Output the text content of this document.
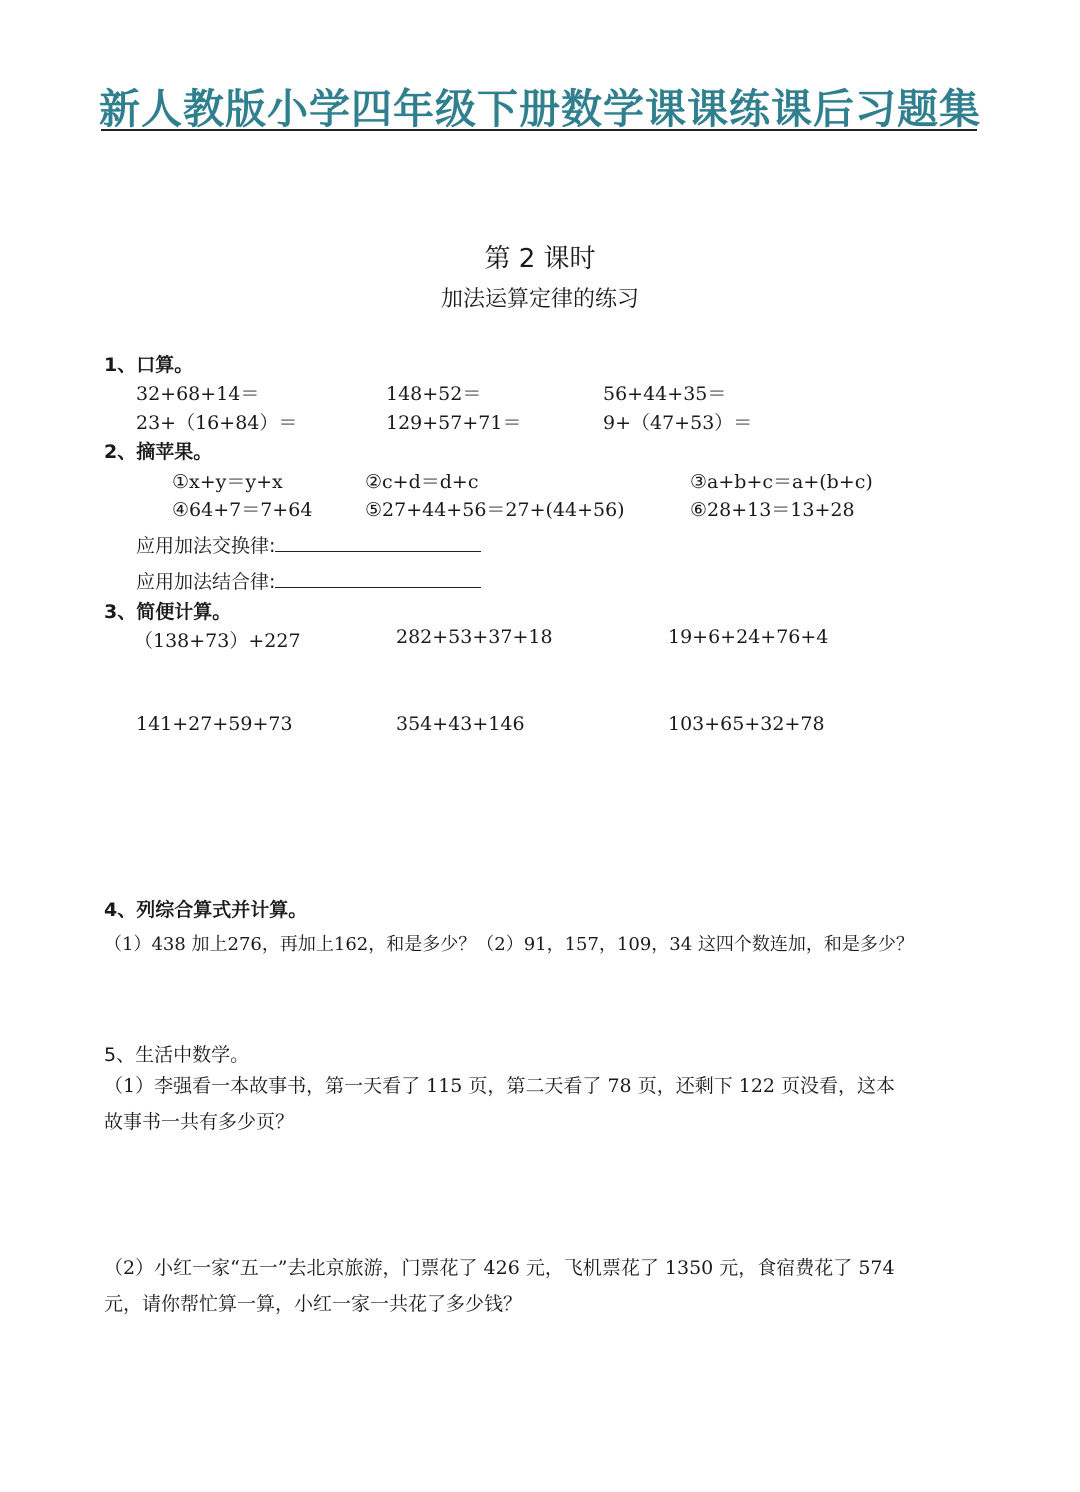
新人教版小学四年级下册数学课课练课后习题集
第 2 课时
加法运算定律的练习
1、口算。
32+68+14＝	148+52＝	56+44+35＝
23+（16+84）＝	129+57+71＝	9+（47+53）＝
2、摘苹果。
①x+y＝y+x	②c+d＝d+c	③a+b+c＝a+(b+c)
④64+7＝7+64	⑤27+44+56＝27+(44+56)	⑥28+13＝13+28
应用加法交换律:
应用加法结合律:
3、简便计算。
（138+73）+227	282+53+37+18	19+6+24+76+4
141+27+59+73	354+43+146	103+65+32+78
4、列综合算式并计算。
（1）438 加上276，再加上162，和是多少？（2）91，157，109，34 这四个数连加，和是多少？
5、生活中数学。
（1）李强看一本故事书，第一天看了 115 页，第二天看了 78 页，还剩下 122 页没看，这本
故事书一共有多少页？
（2）小红一家“五一”去北京旅游，门票花了 426 元，飞机票花了 1350 元，食宿费花了 574
元，请你帮忙算一算，小红一家一共花了多少钱？
